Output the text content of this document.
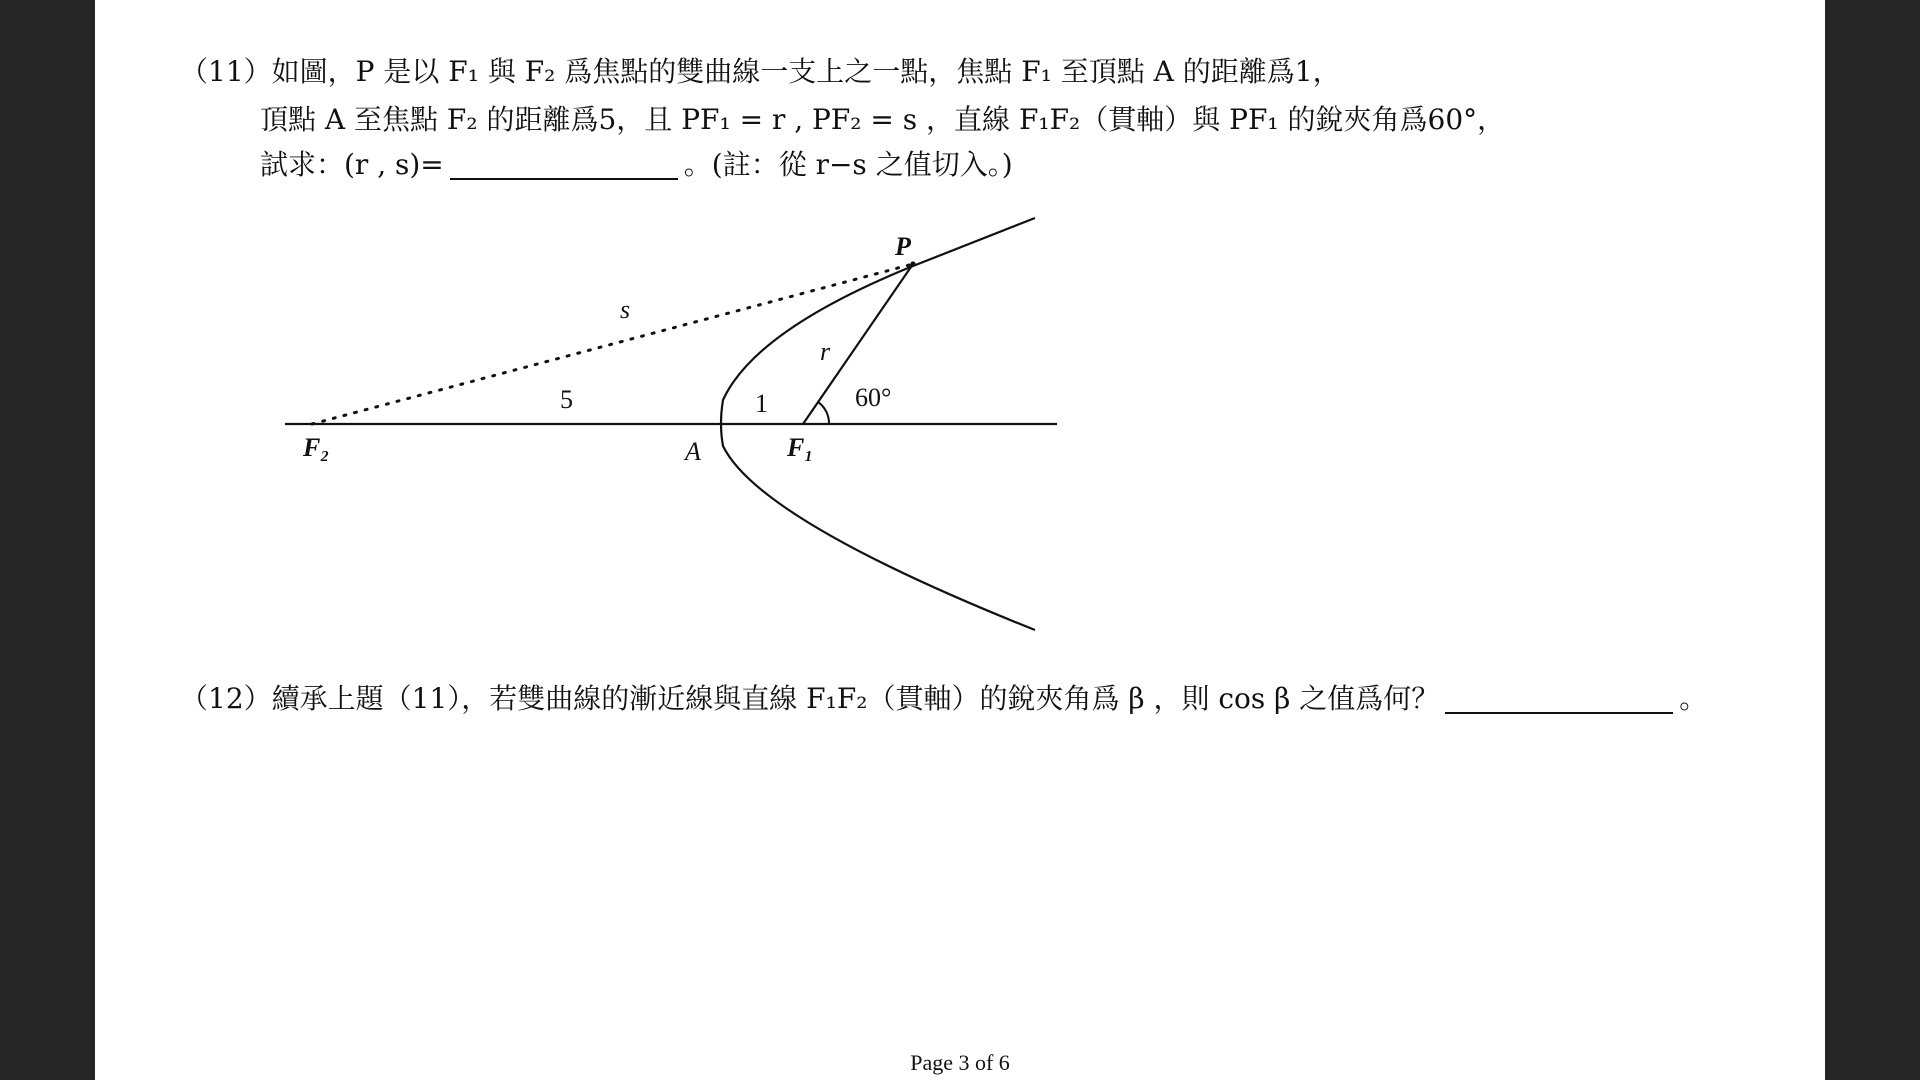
（11）如圖，P 是以 F₁ 與 F₂ 爲焦點的雙曲線一支上之一點，焦點 F₁ 至頂點 A 的距離爲1，
頂點 A 至焦點 F₂ 的距離爲5，且 PF₁ = r , PF₂ = s ，直線 F₁F₂（貫軸）與 PF₁ 的銳夾角爲60°，
試求：(r , s)=	。(註：從 r−s 之值切入。)
P
s
r
5	1	60°
F₂	A	F₁
（12）續承上題（11），若雙曲線的漸近線與直線 F₁F₂（貫軸）的銳夾角爲 β ，則 cos β 之值爲何？	。
Page 3 of 6
